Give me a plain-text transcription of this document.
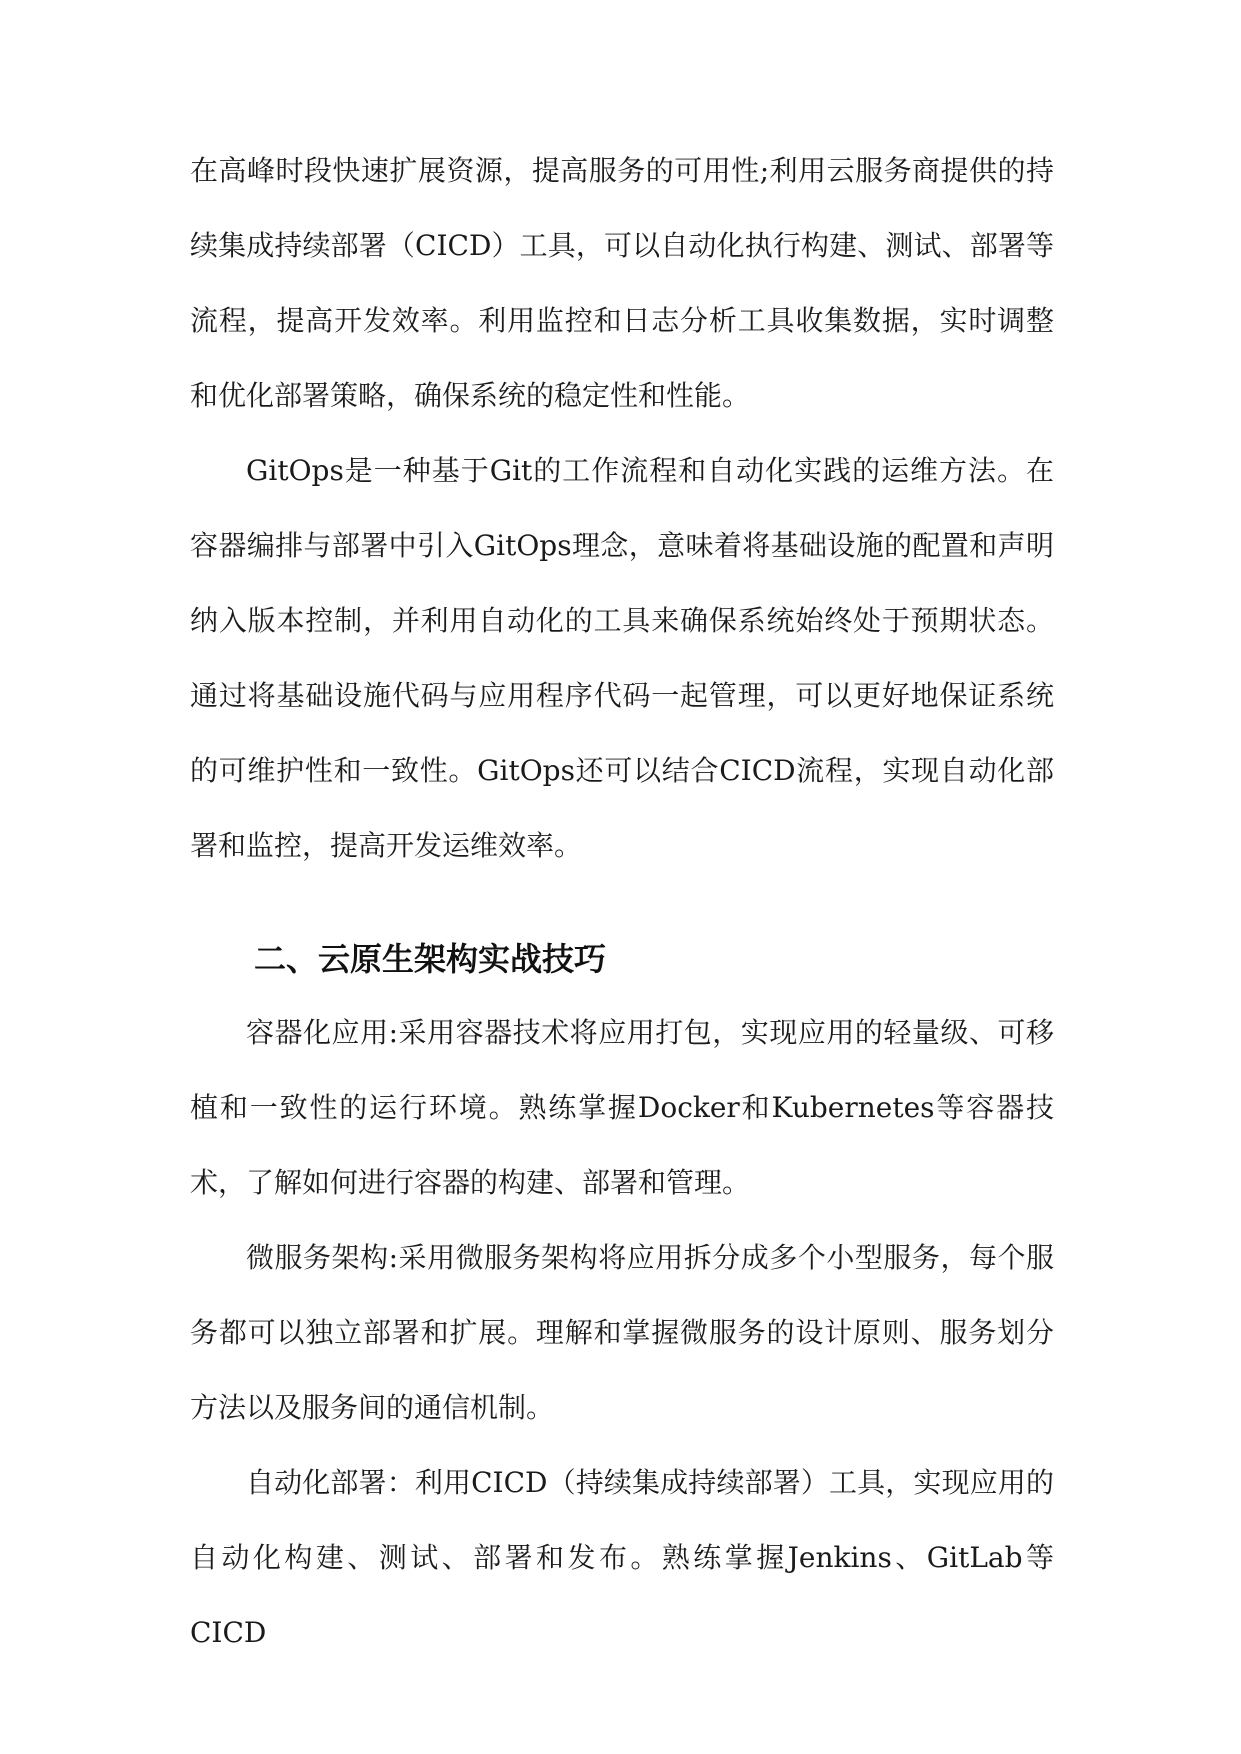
在高峰时段快速扩展资源，提高服务的可用性;利用云服务商提供的持续集成持续部署（CICD）工具，可以自动化执行构建、测试、部署等流程，提高开发效率。利用监控和日志分析工具收集数据，实时调整和优化部署策略，确保系统的稳定性和性能。

GitOps是一种基于Git的工作流程和自动化实践的运维方法。在容器编排与部署中引入GitOps理念，意味着将基础设施的配置和声明纳入版本控制，并利用自动化的工具来确保系统始终处于预期状态。通过将基础设施代码与应用程序代码一起管理，可以更好地保证系统的可维护性和一致性。GitOps还可以结合CICD流程，实现自动化部署和监控，提高开发运维效率。

二、云原生架构实战技巧

容器化应用:采用容器技术将应用打包，实现应用的轻量级、可移植和一致性的运行环境。熟练掌握Docker和Kubernetes等容器技术，了解如何进行容器的构建、部署和管理。

微服务架构:采用微服务架构将应用拆分成多个小型服务，每个服务都可以独立部署和扩展。理解和掌握微服务的设计原则、服务划分方法以及服务间的通信机制。

自动化部署：利用CICD（持续集成持续部署）工具，实现应用的自动化构建、测试、部署和发布。熟练掌握Jenkins、GitLab等CICD
